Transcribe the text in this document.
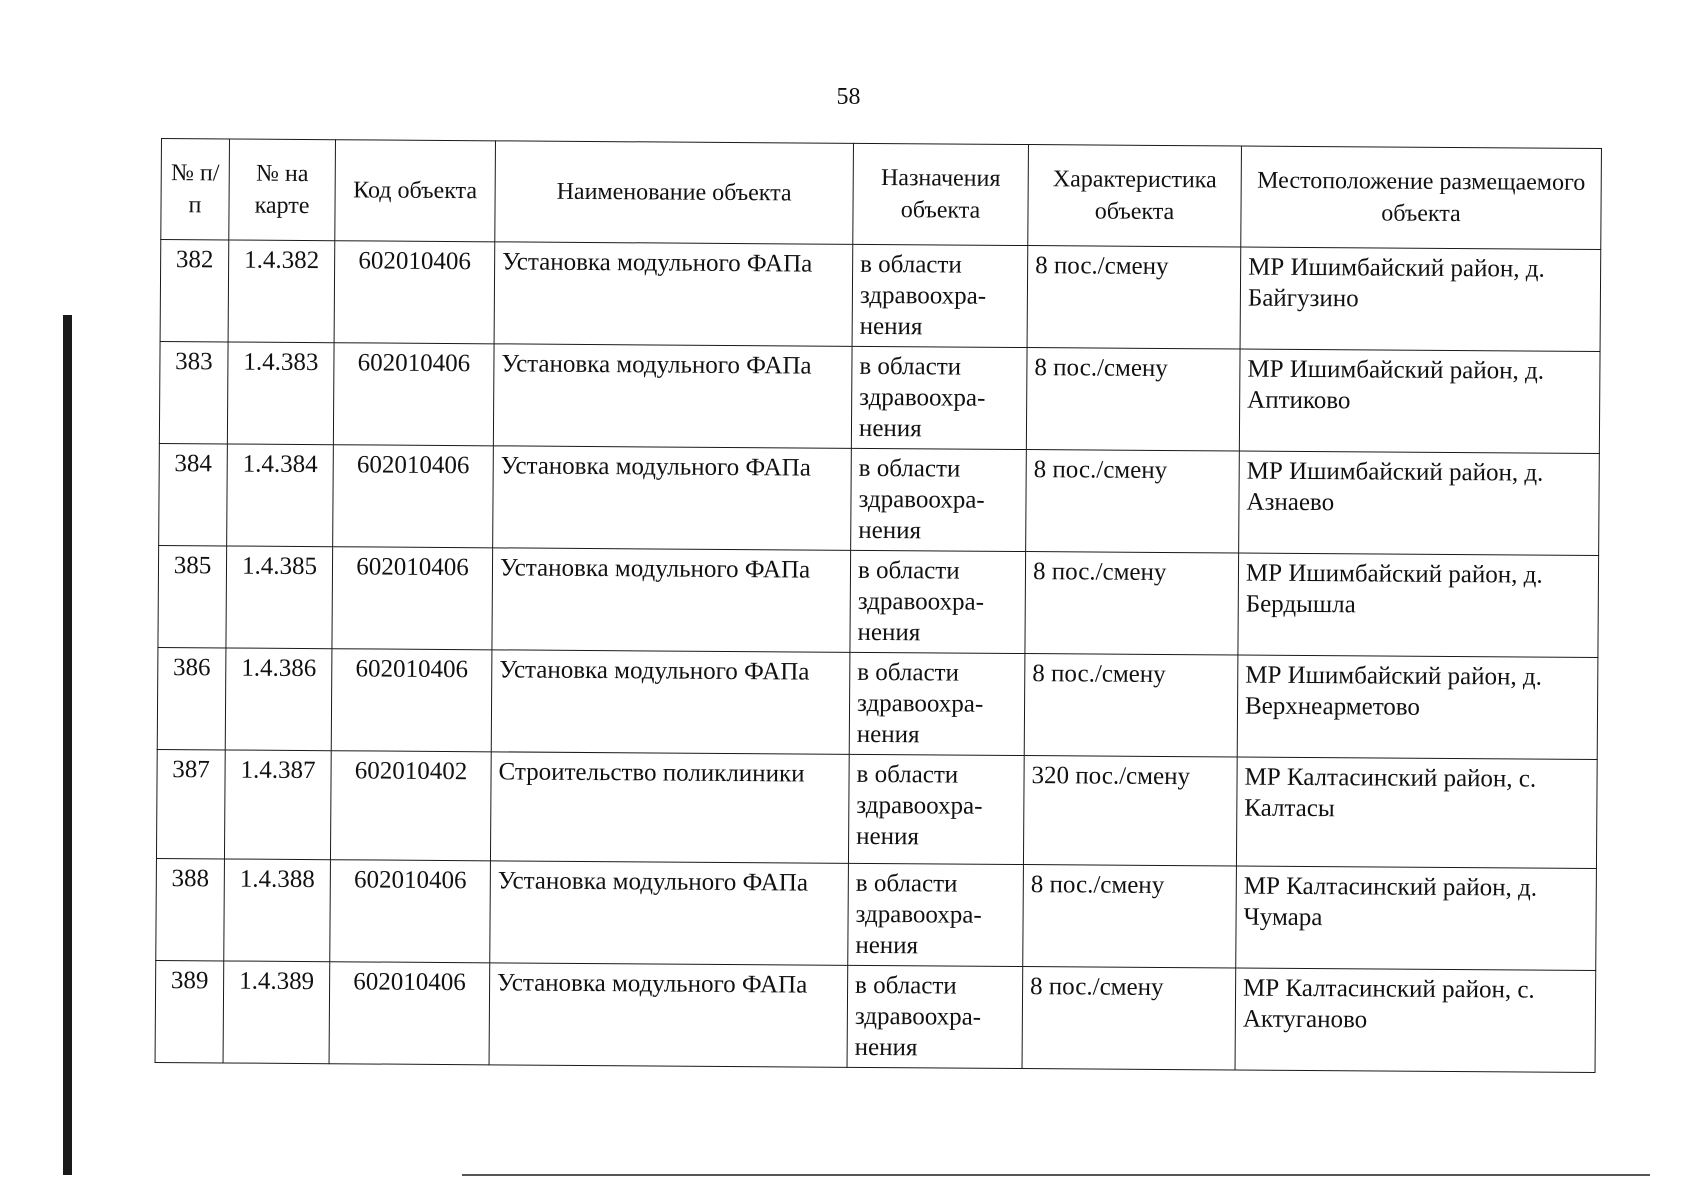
58
№ п/п	№ на карте	Код объекта	Наименование объекта	Назначения объекта	Характеристика объекта	Местоположение размещаемого объекта
382	1.4.382	602010406	Установка модульного ФАПа	в области здравоохра-нения	8 пос./смену	МР Ишимбайский район, д. Байгузино
383	1.4.383	602010406	Установка модульного ФАПа	в области здравоохра-нения	8 пос./смену	МР Ишимбайский район, д. Аптиково
384	1.4.384	602010406	Установка модульного ФАПа	в области здравоохра-нения	8 пос./смену	МР Ишимбайский район, д. Азнаево
385	1.4.385	602010406	Установка модульного ФАПа	в области здравоохра-нения	8 пос./смену	МР Ишимбайский район, д. Бердышла
386	1.4.386	602010406	Установка модульного ФАПа	в области здравоохра-нения	8 пос./смену	МР Ишимбайский район, д. Верхнеарметово
387	1.4.387	602010402	Строительство поликлиники	в области здравоохра-нения	320 пос./смену	МР Калтасинский район, с. Калтасы
388	1.4.388	602010406	Установка модульного ФАПа	в области здравоохра-нения	8 пос./смену	МР Калтасинский район, д. Чумара
389	1.4.389	602010406	Установка модульного ФАПа	в области здравоохра-нения	8 пос./смену	МР Калтасинский район, с. Актуганово
